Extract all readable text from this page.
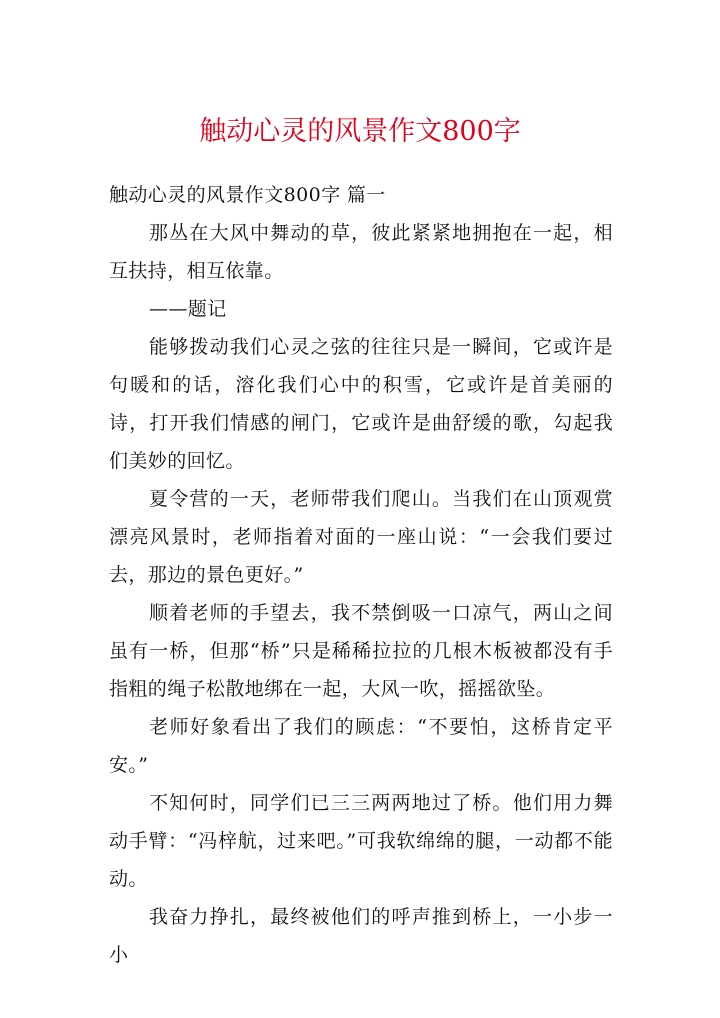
触动心灵的风景作文800字

触动心灵的风景作文800字 篇一

那丛在大风中舞动的草，彼此紧紧地拥抱在一起，相互扶持，相互依靠。

——题记

能够拨动我们心灵之弦的往往只是一瞬间，它或许是句暖和的话，溶化我们心中的积雪，它或许是首美丽的诗，打开我们情感的闸门，它或许是曲舒缓的歌，勾起我们美妙的回忆。

夏令营的一天，老师带我们爬山。当我们在山顶观赏漂亮风景时，老师指着对面的一座山说：“一会我们要过去，那边的景色更好。”

顺着老师的手望去，我不禁倒吸一口凉气，两山之间虽有一桥，但那“桥”只是稀稀拉拉的几根木板被都没有手指粗的绳子松散地绑在一起，大风一吹，摇摇欲坠。

老师好象看出了我们的顾虑：“不要怕，这桥肯定平安。”

不知何时，同学们已三三两两地过了桥。他们用力舞动手臂：“冯梓航，过来吧。”可我软绵绵的腿，一动都不能动。

我奋力挣扎，最终被他们的呼声推到桥上，一小步一小
